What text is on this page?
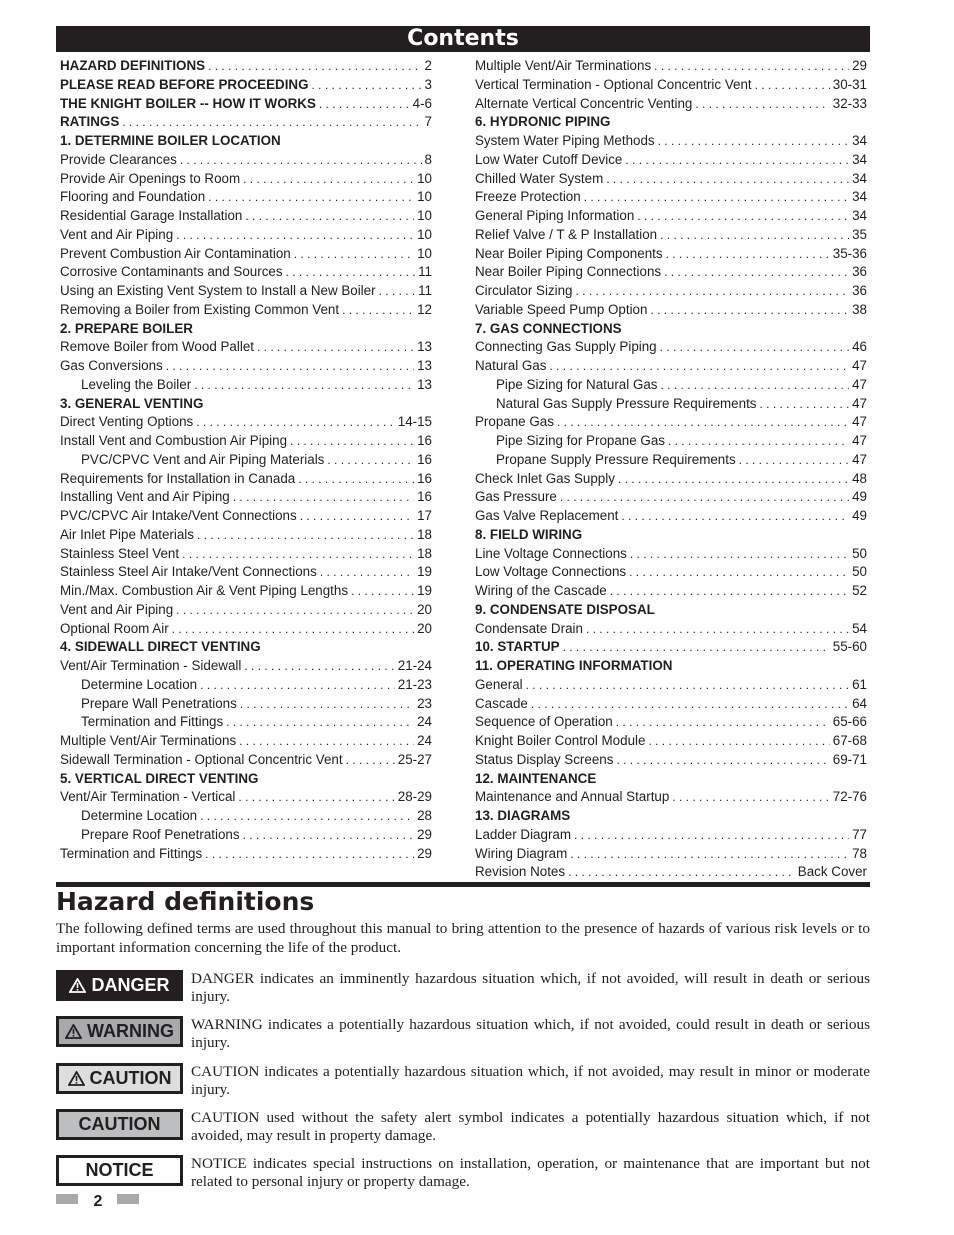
Contents
HAZARD DEFINITIONS . . .	2
PLEASE READ BEFORE PROCEEDING . . .	3
THE KNIGHT BOILER -- HOW IT WORKS . . .	4-6
RATINGS . . .	7
1. DETERMINE BOILER LOCATION
Provide Clearances . . .	8
Provide Air Openings to Room . . .	10
Flooring and Foundation . . .	10
Residential Garage Installation . . .	10
Vent and Air Piping . . .	10
Prevent Combustion Air Contamination . . .	10
Corrosive Contaminants and Sources . . .	11
Using an Existing Vent System to Install a New Boiler . . .	11
Removing a Boiler from Existing Common Vent . . .	12
2. PREPARE BOILER
Remove Boiler from Wood Pallet . . .	13
Gas Conversions . . .	13
Leveling the Boiler . . .	13
3. GENERAL VENTING
Direct Venting Options . . .	14-15
Install Vent and Combustion Air Piping . . .	16
PVC/CPVC Vent and Air Piping Materials . . .	16
Requirements for Installation in Canada . . .	16
Installing Vent and Air Piping . . .	16
PVC/CPVC Air Intake/Vent Connections . . .	17
Air Inlet Pipe Materials . . .	18
Stainless Steel Vent . . .	18
Stainless Steel Air Intake/Vent Connections . . .	19
Min./Max. Combustion Air & Vent Piping Lengths . . .	19
Vent and Air Piping . . .	20
Optional Room Air . . .	20
4. SIDEWALL DIRECT VENTING
Vent/Air Termination - Sidewall . . .	21-24
Determine Location . . .	21-23
Prepare Wall Penetrations . . .	23
Termination and Fittings . . .	24
Multiple Vent/Air Terminations . . .	24
Sidewall Termination - Optional Concentric Vent . . .	25-27
5. VERTICAL DIRECT VENTING
Vent/Air Termination - Vertical . . .	28-29
Determine Location . . .	28
Prepare Roof Penetrations . . .	29
Termination and Fittings . . .	29
Multiple Vent/Air Terminations . . .	29
Vertical Termination - Optional Concentric Vent . . .	30-31
Alternate Vertical Concentric Venting . . .	32-33
6. HYDRONIC PIPING
System Water Piping Methods . . .	34
Low Water Cutoff Device . . .	34
Chilled Water System . . .	34
Freeze Protection . . .	34
General Piping Information . . .	34
Relief Valve / T & P Installation . . .	35
Near Boiler Piping Components . . .	35-36
Near Boiler Piping Connections . . .	36
Circulator Sizing . . .	36
Variable Speed Pump Option . . .	38
7. GAS CONNECTIONS
Connecting Gas Supply Piping . . .	46
Natural Gas . . .	47
Pipe Sizing for Natural Gas . . .	47
Natural Gas Supply Pressure Requirements . . .	47
Propane Gas . . .	47
Pipe Sizing for Propane Gas . . .	47
Propane Supply Pressure Requirements . . .	47
Check Inlet Gas Supply . . .	48
Gas Pressure . . .	49
Gas Valve Replacement . . .	49
8. FIELD WIRING
Line Voltage Connections . . .	50
Low Voltage Connections . . .	50
Wiring of the Cascade . . .	52
9. CONDENSATE DISPOSAL
Condensate Drain . . .	54
10. STARTUP . . .	55-60
11. OPERATING INFORMATION
General . . .	61
Cascade . . .	64
Sequence of Operation . . .	65-66
Knight Boiler Control Module . . .	67-68
Status Display Screens . . .	69-71
12. MAINTENANCE
Maintenance and Annual Startup . . .	72-76
13. DIAGRAMS
Ladder Diagram . . .	77
Wiring Diagram . . .	78
Revision Notes . . .	Back Cover
Hazard definitions

The following defined terms are used throughout this manual to bring attention to the presence of hazards of various risk levels or to important information concerning the life of the product.

DANGER DANGER indicates an imminently hazardous situation which, if not avoided, will result in death or serious injury.

WARNING WARNING indicates a potentially hazardous situation which, if not avoided, could result in death or serious injury.

CAUTION CAUTION indicates a potentially hazardous situation which, if not avoided, may result in minor or moderate injury.

CAUTION CAUTION used without the safety alert symbol indicates a potentially hazardous situation which, if not avoided, may result in property damage.

NOTICE NOTICE indicates special instructions on installation, operation, or maintenance that are important but not related to personal injury or property damage.

2
